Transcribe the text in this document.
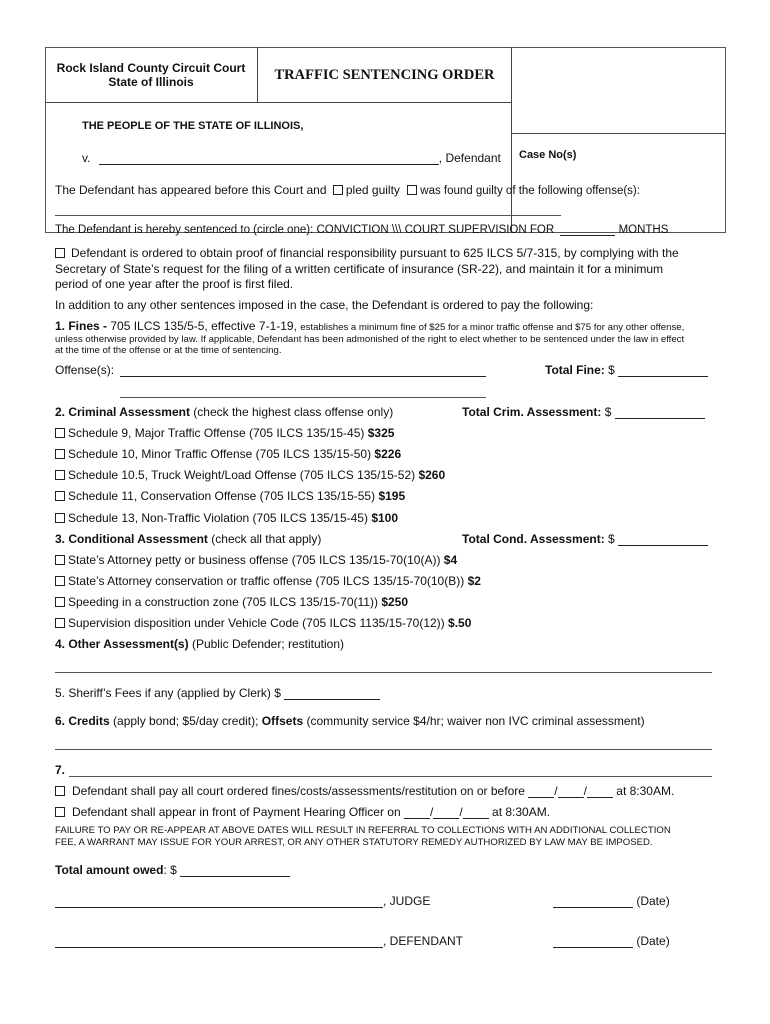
Rock Island County Circuit Court
State of Illinois	TRAFFIC SENTENCING ORDER
THE PEOPLE OF THE STATE OF ILLINOIS,
v.	, Defendant Case No(s)
The Defendant has appeared before this Court and pled guilty was found guilty of the following offense(s):
The Defendant is hereby sentenced to (circle one): CONVICTION \\\ COURT SUPERVISION FOR	MONTHS
Defendant is ordered to obtain proof of financial responsibility pursuant to 625 ILCS 5/7-315, by complying with the
Secretary of State’s request for the filing of a written certificate of insurance (SR-22), and maintain it for a minimum
period of one year after the proof is first filed.
In addition to any other sentences imposed in the case, the Defendant is ordered to pay the following:
1. Fines - 705 ILCS 135/5-5, effective 7-1-19, establishes a minimum fine of $25 for a minor traffic offense and $75 for any other offense,
unless otherwise provided by law. If applicable, Defendant has been admonished of the right to elect whether to be sentenced under the law in effect
at the time of the offense or at the time of sentencing.
Offense(s):	Total Fine: $
2. Criminal Assessment (check the highest class offense only)	Total Crim. Assessment: $
Schedule 9, Major Traffic Offense (705 ILCS 135/15-45) $325
Schedule 10, Minor Traffic Offense (705 ILCS 135/15-50) $226
Schedule 10.5, Truck Weight/Load Offense (705 ILCS 135/15-52) $260
Schedule 11, Conservation Offense (705 ILCS 135/15-55) $195
Schedule 13, Non-Traffic Violation (705 ILCS 135/15-45) $100
3. Conditional Assessment (check all that apply)	Total Cond. Assessment: $
State’s Attorney petty or business offense (705 ILCS 135/15-70(10(A)) $4
State’s Attorney conservation or traffic offense (705 ILCS 135/15-70(10(B)) $2
Speeding in a construction zone (705 ILCS 135/15-70(11)) $250
Supervision disposition under Vehicle Code (705 ILCS 1135/15-70(12)) $.50
4. Other Assessment(s) (Public Defender; restitution)
5. Sheriff’s Fees if any (applied by Clerk) $
6. Credits (apply bond; $5/day credit); Offsets (community service $4/hr; waiver non IVC criminal assessment)
7.
Defendant shall pay all court ordered fines/costs/assessments/restitution on or before / / at 8:30AM.
Defendant shall appear in front of Payment Hearing Officer on / / at 8:30AM.
FAILURE TO PAY OR RE-APPEAR AT ABOVE DATES WILL RESULT IN REFERRAL TO COLLECTIONS WITH AN ADDITIONAL COLLECTION
FEE, A WARRANT MAY ISSUE FOR YOUR ARREST, OR ANY OTHER STATUTORY REMEDY AUTHORIZED BY LAW MAY BE IMPOSED.
Total amount owed: $
, JUDGE	(Date)
, DEFENDANT	(Date)
